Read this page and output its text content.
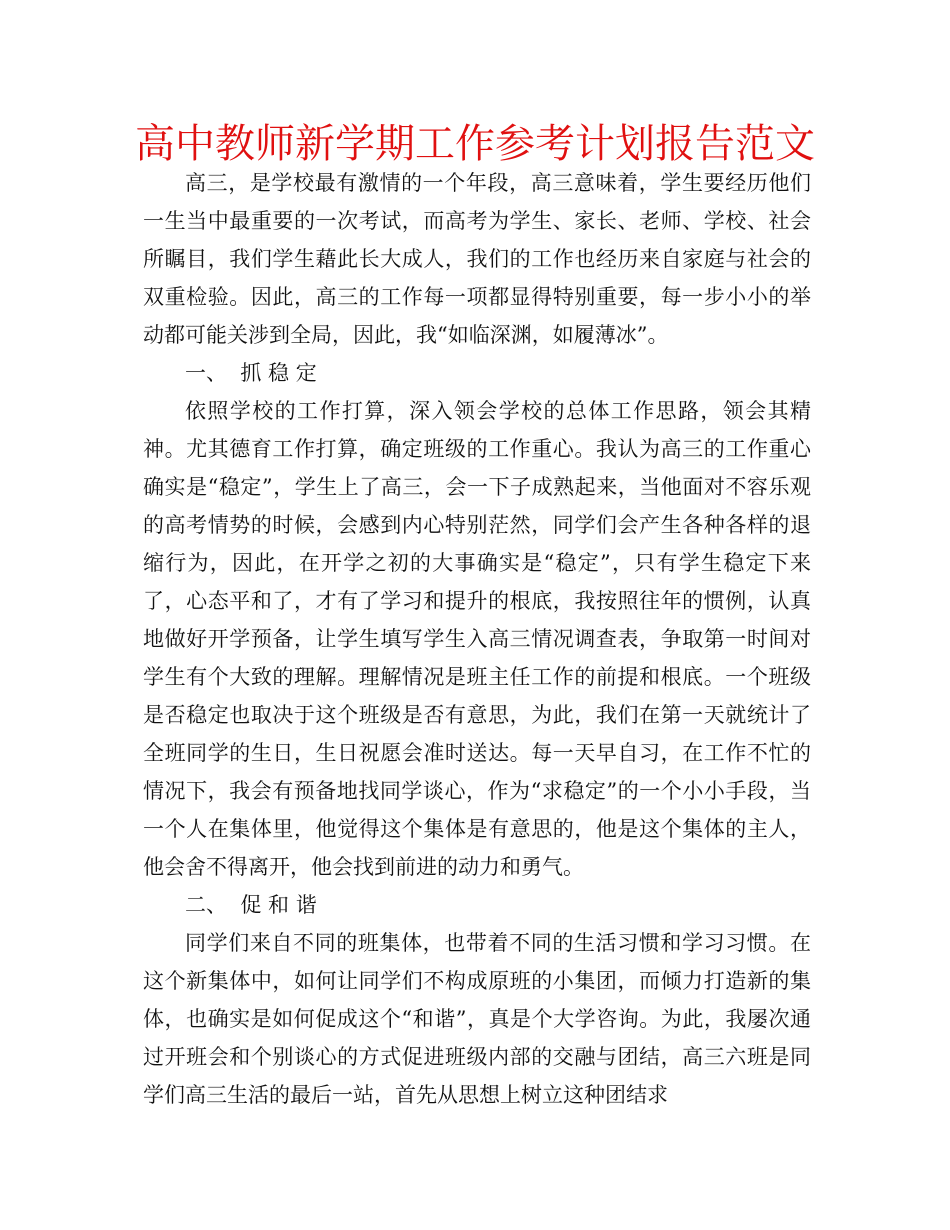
高中教师新学期工作参考计划报告范文

高三，是学校最有激情的一个年段，高三意味着，学生要经历他们一生当中最重要的一次考试，而高考为学生、家长、老师、学校、社会所瞩目，我们学生藉此长大成人，我们的工作也经历来自家庭与社会的双重检验。因此，高三的工作每一项都显得特别重要，每一步小小的举动都可能关涉到全局，因此，我“如临深渊，如履薄冰”。

一、  抓 稳 定

依照学校的工作打算，深入领会学校的总体工作思路，领会其精神。尤其德育工作打算，确定班级的工作重心。我认为高三的工作重心确实是“稳定”，学生上了高三，会一下子成熟起来，当他面对不容乐观的高考情势的时候，会感到内心特别茫然，同学们会产生各种各样的退缩行为，因此，在开学之初的大事确实是“稳定”，只有学生稳定下来了，心态平和了，才有了学习和提升的根底，我按照往年的惯例，认真地做好开学预备，让学生填写学生入高三情况调查表，争取第一时间对学生有个大致的理解。理解情况是班主任工作的前提和根底。一个班级是否稳定也取决于这个班级是否有意思，为此，我们在第一天就统计了全班同学的生日，生日祝愿会准时送达。每一天早自习，在工作不忙的情况下，我会有预备地找同学谈心，作为“求稳定”的一个小小手段，当一个人在集体里，他觉得这个集体是有意思的，他是这个集体的主人，他会舍不得离开，他会找到前进的动力和勇气。

二、  促 和 谐

同学们来自不同的班集体，也带着不同的生活习惯和学习习惯。在这个新集体中，如何让同学们不构成原班的小集团，而倾力打造新的集体，也确实是如何促成这个“和谐”，真是个大学咨询。为此，我屡次通过开班会和个别谈心的方式促进班级内部的交融与团结，高三六班是同学们高三生活的最后一站，首先从思想上树立这种团结求
